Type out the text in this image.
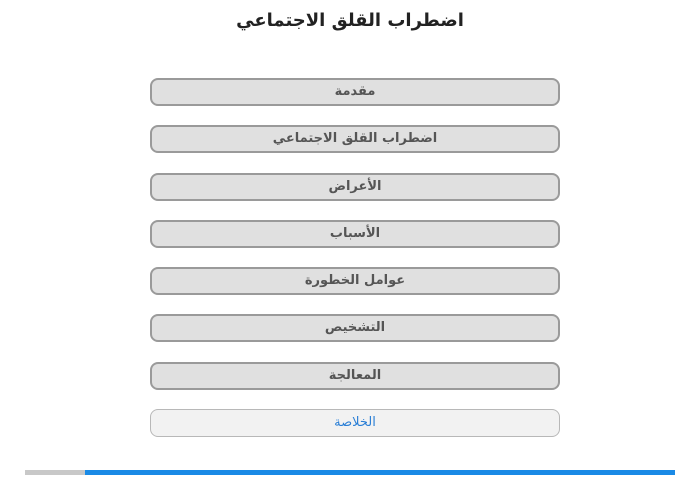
اضطراب القلق الاجتماعي
مقدمة
اضطراب القلق الاجتماعي
الأعراض
الأسباب
عوامل الخطورة
التشخيص
المعالجة
الخلاصة
